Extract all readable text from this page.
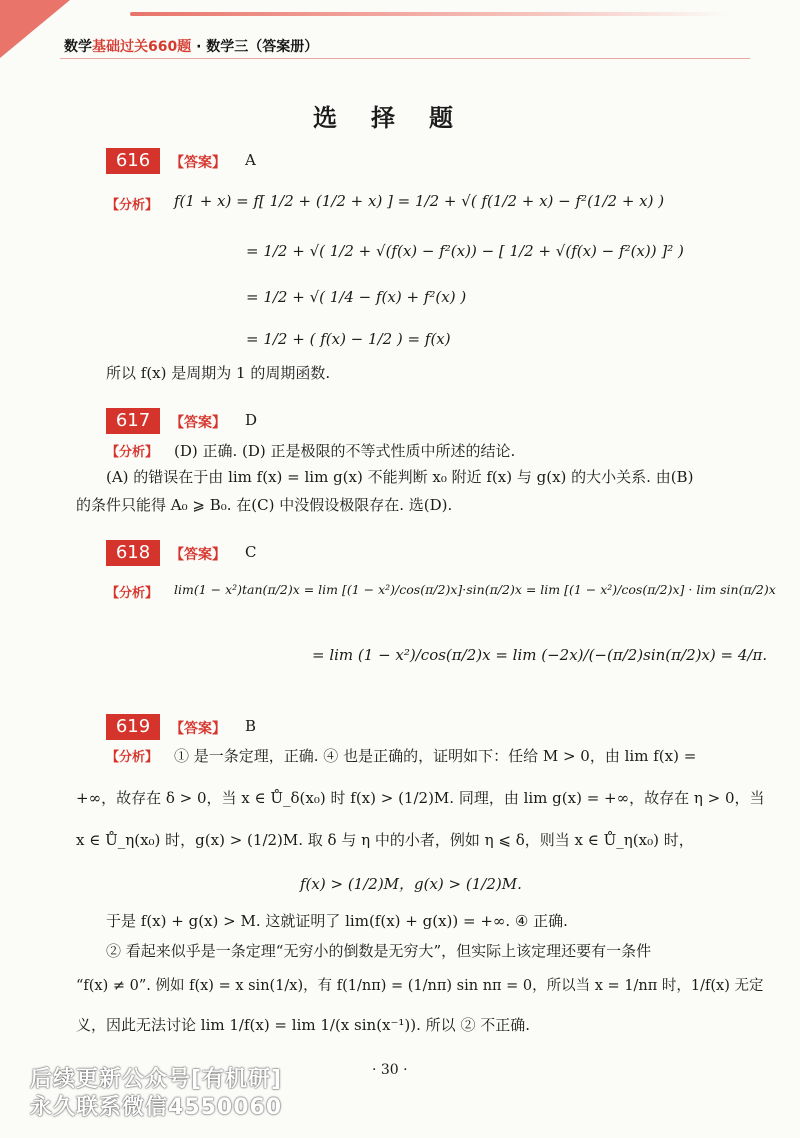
数学基础过关660题 · 数学三（答案册）
选择题
616	【答案】 A
【分析】 f(1 + x) = f[ 1/2 + (1/2 + x) ] = 1/2 + √( f(1/2 + x) − f²(1/2 + x) )
= 1/2 + √( 1/2 + √(f(x) − f²(x)) − [ 1/2 + √(f(x) − f²(x)) ]² )
= 1/2 + √( 1/4 − f(x) + f²(x) )
= 1/2 + ( f(x) − 1/2 ) = f(x)
所以 f(x) 是周期为 1 的周期函数.
617	【答案】 D
【分析】 (D) 正确. (D) 正是极限的不等式性质中所述的结论.
(A) 的错误在于由 lim f(x) = lim g(x) 不能判断 x₀ 附近 f(x) 与 g(x) 的大小关系. 由(B)
的条件只能得 A₀ ⩾ B₀. 在(C) 中没假设极限存在. 选(D).
618	【答案】 C
【分析】 lim(1 − x²)tan(π/2)x = lim [(1 − x²)/cos(π/2)x]·sin(π/2)x = lim [(1 − x²)/cos(π/2)x] · lim sin(π/2)x
= lim (1 − x²)/cos(π/2)x = lim (−2x)/(−(π/2)sin(π/2)x) = 4/π.
619	【答案】 B
【分析】 ① 是一条定理，正确. ④ 也是正确的，证明如下：任给 M > 0，由 lim f(x) =
+∞，故存在 δ > 0，当 x ∈ Ů_δ(x₀) 时 f(x) > (1/2)M. 同理，由 lim g(x) = +∞，故存在 η > 0，当
x ∈ Ů_η(x₀) 时，g(x) > (1/2)M. 取 δ 与 η 中的小者，例如 η ⩽ δ，则当 x ∈ Ů_η(x₀) 时，
f(x) > (1/2)M，g(x) > (1/2)M.
于是 f(x) + g(x) > M. 这就证明了 lim(f(x) + g(x)) = +∞. ④ 正确.
② 看起来似乎是一条定理“无穷小的倒数是无穷大”，但实际上该定理还要有一条件
“f(x) ≠ 0”. 例如 f(x) = x sin(1/x)，有 f(1/nπ) = (1/nπ) sin nπ = 0，所以当 x = 1/nπ 时，1/f(x) 无定
义，因此无法讨论 lim 1/f(x) = lim 1/(x sin(x⁻¹)). 所以 ② 不正确.
· 30 ·
后续更新公众号[有机研]
永久联系微信4550060
